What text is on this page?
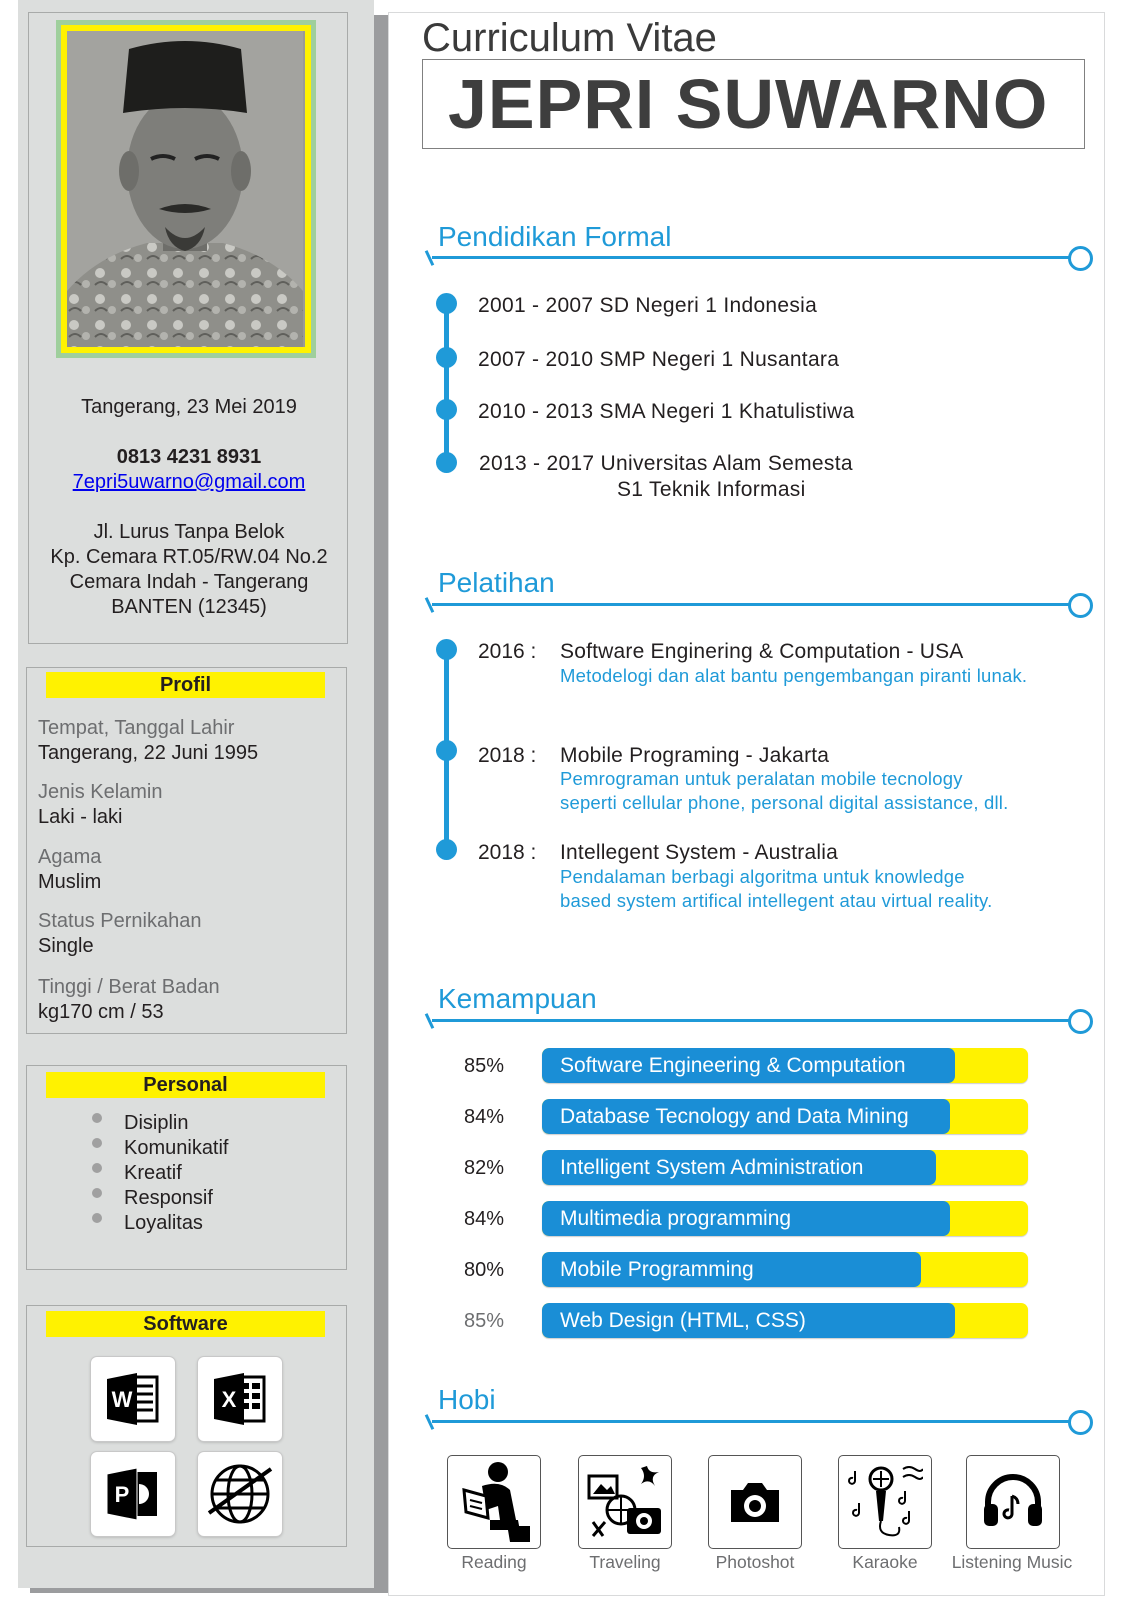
Tangerang, 23 Mei 2019
0813 4231 8931
7epri5uwarno@gmail.com
Jl. Lurus Tanpa Belok
Kp. Cemara RT.05/RW.04 No.2
Cemara Indah - Tangerang
BANTEN (12345)
Profil
Tempat, Tanggal Lahir
Tangerang, 22 Juni 1995
Jenis Kelamin
Laki - laki
Agama
Muslim
Status Pernikahan
Single
Tinggi / Berat Badan
kg170 cm / 53
Personal
Disiplin
Komunikatif
Kreatif
Responsif
Loyalitas
Software
W	X
P
Curriculum Vitae
JEPRI SUWARNO
Pendidikan Formal
2001 - 2007 SD Negeri 1 Indonesia
2007 - 2010 SMP Negeri 1 Nusantara
2010 - 2013 SMA Negeri 1 Khatulistiwa
2013 - 2017 Universitas Alam Semesta
S1 Teknik Informasi
Pelatihan
2016 : Software Enginering & Computation - USA
Metodelogi dan alat bantu pengembangan piranti lunak.
2018 : Mobile Programing - Jakarta
Pemrograman untuk peralatan mobile tecnology
seperti cellular phone, personal digital assistance, dll.
2018 : Intellegent System - Australia
Pendalaman berbagi algoritma untuk knowledge
based system artifical intellegent atau virtual reality.
Kemampuan
85%	Software Engineering & Computation
84%	Database Tecnology and Data Mining
82%	Intelligent System Administration
84%	Multimedia programming
80%	Mobile Programming
85%	Web Design (HTML, CSS)
Hobi
Reading	Traveling	Photoshot	Karaoke	Listening Music
